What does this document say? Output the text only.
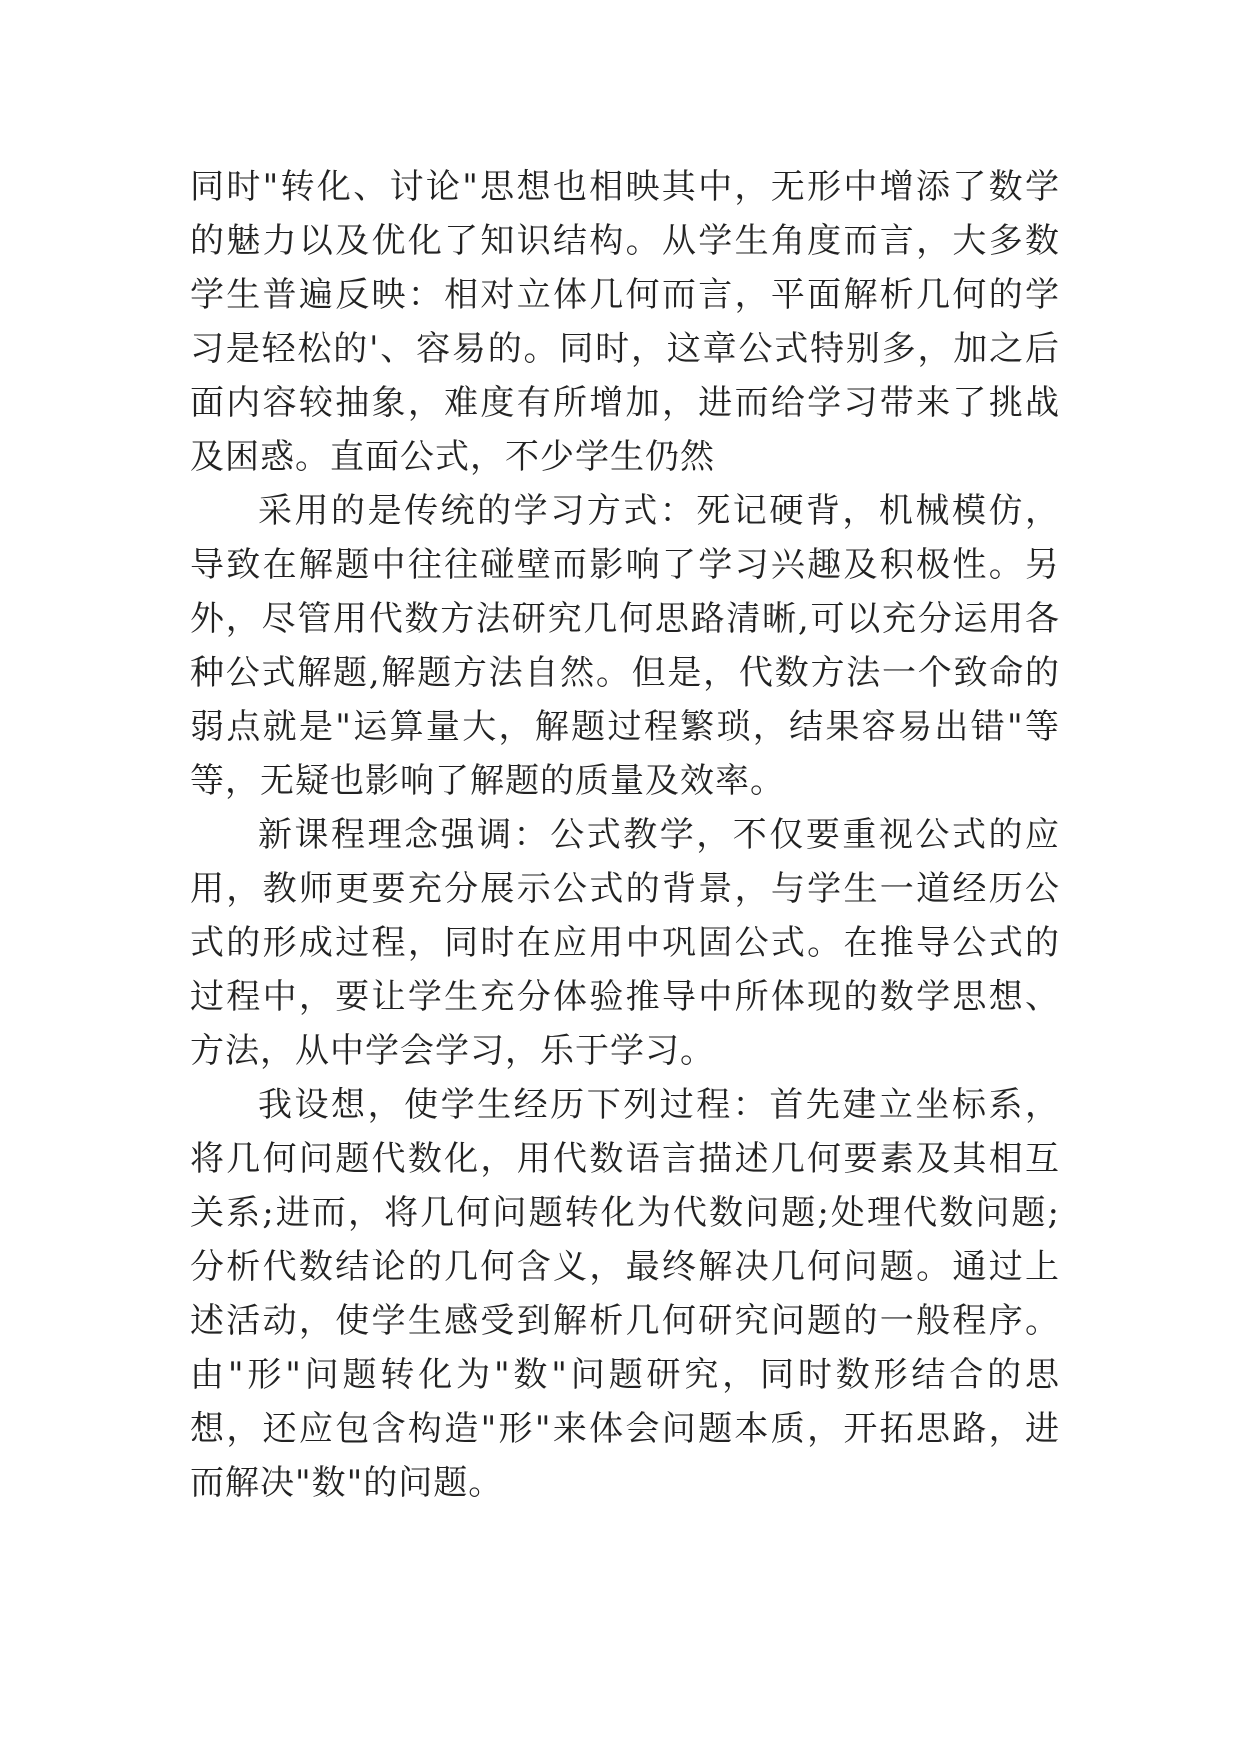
同时"转化、讨论"思想也相映其中，无形中增添了数学的魅力以及优化了知识结构。从学生角度而言，大多数学生普遍反映：相对立体几何而言，平面解析几何的学习是轻松的'、容易的。同时，这章公式特别多，加之后面内容较抽象，难度有所增加，进而给学习带来了挑战及困惑。直面公式，不少学生仍然

采用的是传统的学习方式：死记硬背，机械模仿，导致在解题中往往碰壁而影响了学习兴趣及积极性。另外，尽管用代数方法研究几何思路清晰,可以充分运用各种公式解题,解题方法自然。但是，代数方法一个致命的弱点就是"运算量大，解题过程繁琐，结果容易出错"等等，无疑也影响了解题的质量及效率。

新课程理念强调：公式教学，不仅要重视公式的应用，教师更要充分展示公式的背景，与学生一道经历公式的形成过程，同时在应用中巩固公式。在推导公式的过程中，要让学生充分体验推导中所体现的数学思想、方法，从中学会学习，乐于学习。

我设想，使学生经历下列过程：首先建立坐标系，将几何问题代数化，用代数语言描述几何要素及其相互关系;进而，将几何问题转化为代数问题;处理代数问题;分析代数结论的几何含义，最终解决几何问题。通过上述活动，使学生感受到解析几何研究问题的一般程序。由"形"问题转化为"数"问题研究，同时数形结合的思想，还应包含构造"形"来体会问题本质，开拓思路，进而解决"数"的问题。
